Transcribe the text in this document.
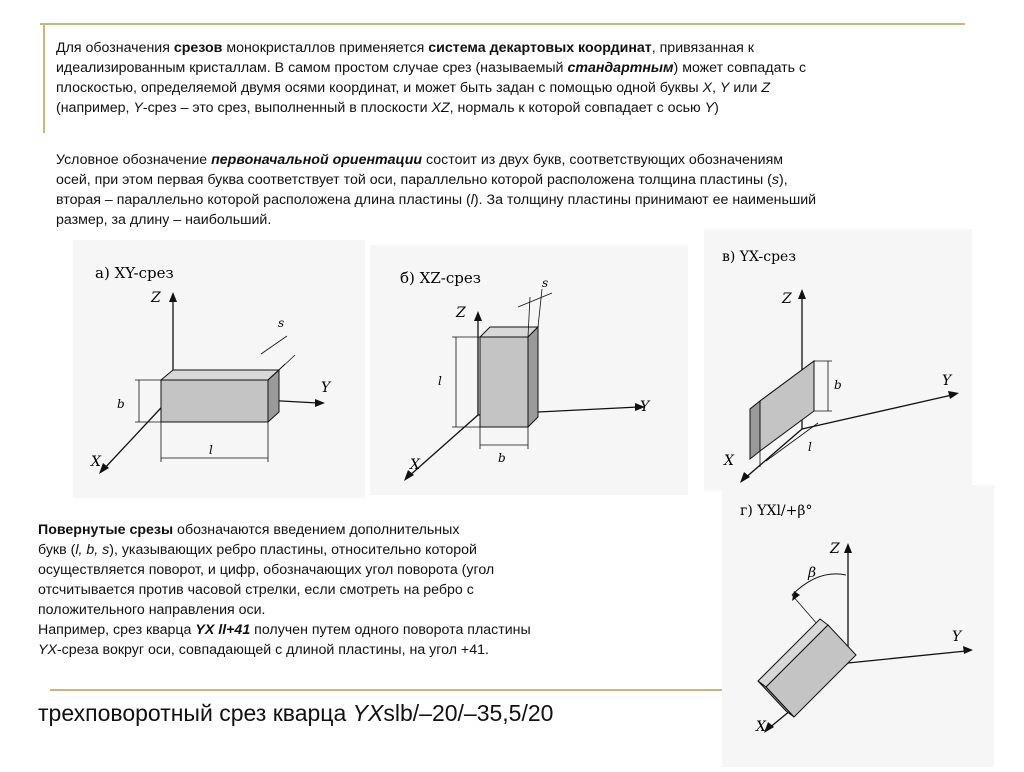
Для обозначения срезов монокристаллов применяется система декартовых координат, привязанная к
идеализированным кристаллам. В самом простом случае срез (называемый стандартным) может совпадать с
плоскостью, определяемой двумя осями координат, и может быть задан с помощью одной буквы X, Y или Z
(например, Y-срез – это срез, выполненный в плоскости XZ, нормаль к которой совпадает с осью Y)
Условное обозначение первоначальной ориентации состоит из двух букв, соответствующих обозначениям
осей, при этом первая буква соответствует той оси, параллельно которой расположена толщина пластины (s),
вторая – параллельно которой расположена длина пластины (l). За толщину пластины принимают ее наименьший
размер, за длину – наибольший.
а) XY-срез
Z
Y
X
b
l
s
б) XZ-срез
Z
Y
X
l
b
s
в) YX-срез
Z
Y
X
b
l
г) YXl/+β°
Z
Y
X
β
Повернутые срезы обозначаются введением дополнительных
букв (l, b, s), указывающих ребро пластины, относительно которой
осуществляется поворот, и цифр, обозначающих угол поворота (угол
отсчитывается против часовой стрелки, если смотреть на ребро с
положительного направления оси.
Например, срез кварца YX ll+41 получен путем одного поворота пластины
YX-среза вокруг оси, совпадающей с длиной пластины, на угол +41.
трехповоротный срез кварца YXslb/–20/–35,5/20
